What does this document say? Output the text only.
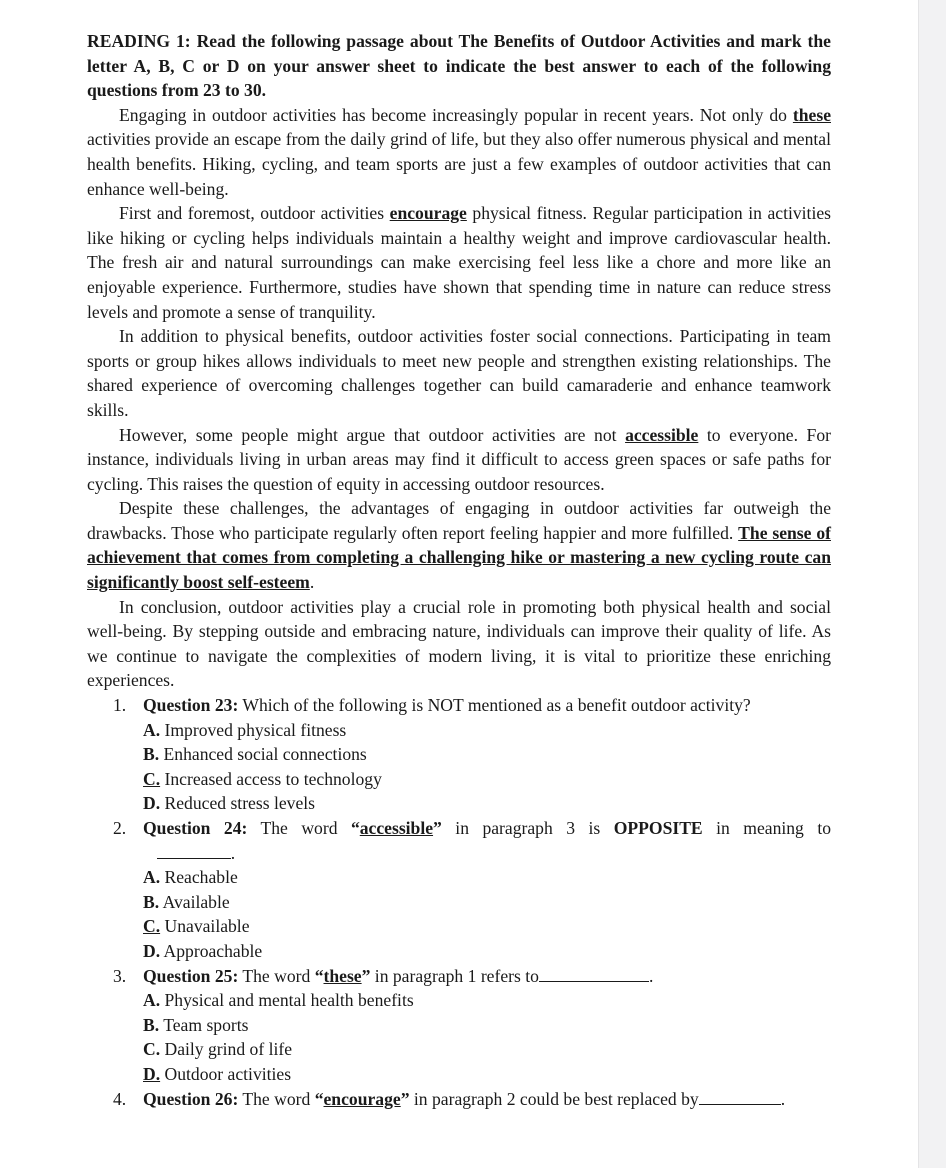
READING 1: Read the following passage about The Benefits of Outdoor Activities and mark the letter A, B, C or D on your answer sheet to indicate the best answer to each of the following questions from 23 to 30.

Engaging in outdoor activities has become increasingly popular in recent years. Not only do these activities provide an escape from the daily grind of life, but they also offer numerous physical and mental health benefits. Hiking, cycling, and team sports are just a few examples of outdoor activities that can enhance well-being.

First and foremost, outdoor activities encourage physical fitness. Regular participation in activities like hiking or cycling helps individuals maintain a healthy weight and improve cardiovascular health. The fresh air and natural surroundings can make exercising feel less like a chore and more like an enjoyable experience. Furthermore, studies have shown that spending time in nature can reduce stress levels and promote a sense of tranquility.

In addition to physical benefits, outdoor activities foster social connections. Participating in team sports or group hikes allows individuals to meet new people and strengthen existing relationships. The shared experience of overcoming challenges together can build camaraderie and enhance teamwork skills.

However, some people might argue that outdoor activities are not accessible to everyone. For instance, individuals living in urban areas may find it difficult to access green spaces or safe paths for cycling. This raises the question of equity in accessing outdoor resources.

Despite these challenges, the advantages of engaging in outdoor activities far outweigh the drawbacks. Those who participate regularly often report feeling happier and more fulfilled. The sense of achievement that comes from completing a challenging hike or mastering a new cycling route can significantly boost self-esteem.

In conclusion, outdoor activities play a crucial role in promoting both physical health and social well-being. By stepping outside and embracing nature, individuals can improve their quality of life. As we continue to navigate the complexities of modern living, it is vital to prioritize these enriching experiences.

1. Question 23: Which of the following is NOT mentioned as a benefit outdoor activity?
A. Improved physical fitness
B. Enhanced social connections
C. Increased access to technology
D. Reduced stress levels
2. Question 24: The word “accessible” in paragraph 3 is OPPOSITE in meaning to
.
A. Reachable
B. Available
C. Unavailable
D. Approachable
3. Question 25: The word “these” in paragraph 1 refers to	.
A. Physical and mental health benefits
B. Team sports
C. Daily grind of life
D. Outdoor activities
4. Question 26: The word “encourage” in paragraph 2 could be best replaced by	.
